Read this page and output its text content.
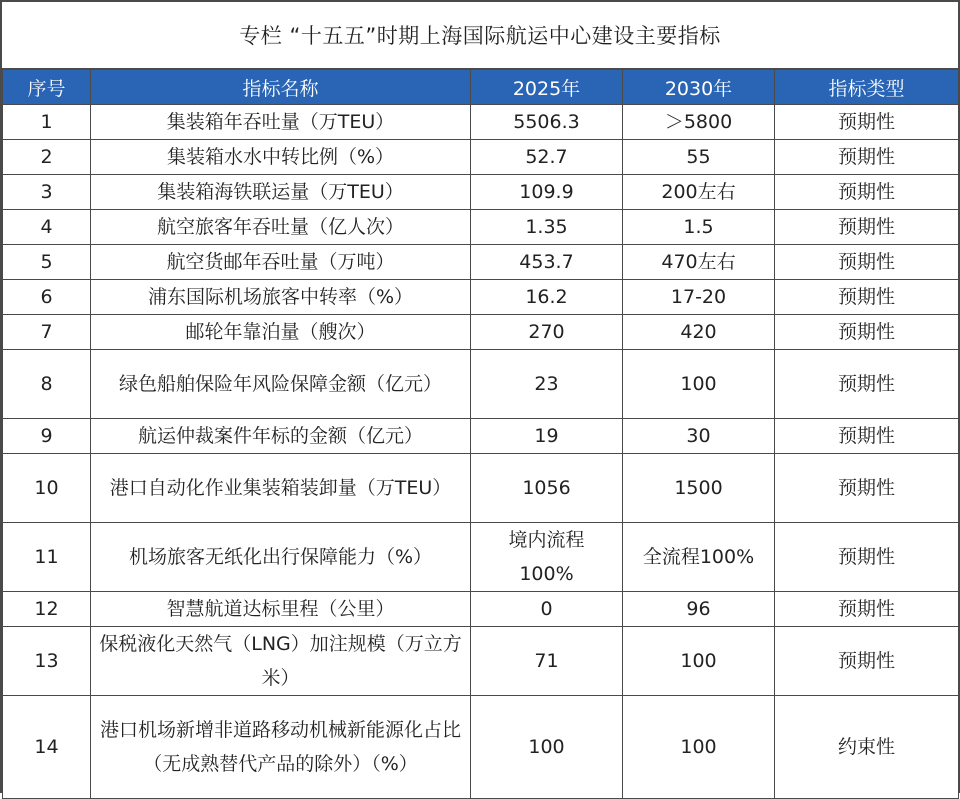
专栏 “十五五”时期上海国际航运中心建设主要指标
序号	指标名称	2025年	2030年	指标类型
1	集装箱年吞吐量（万TEU）	5506.3	＞5800	预期性
2	集装箱水水中转比例（%）	52.7	55	预期性
3	集装箱海铁联运量（万TEU）	109.9	200左右	预期性
4	航空旅客年吞吐量（亿人次）	1.35	1.5	预期性
5	航空货邮年吞吐量（万吨）	453.7	470左右	预期性
6	浦东国际机场旅客中转率（%）	16.2	17-20	预期性
7	邮轮年靠泊量（艘次）	270	420	预期性
8	绿色船舶保险年风险保障金额（亿元）	23	100	预期性
9	航运仲裁案件年标的金额（亿元）	19	30	预期性
10	港口自动化作业集装箱装卸量（万TEU）	1056	1500	预期性
11	机场旅客无纸化出行保障能力（%）	境内流程100%	全流程100%	预期性
12	智慧航道达标里程（公里）	0	96	预期性
13	保税液化天然气（LNG）加注规模（万立方米）	71	100	预期性
14	港口机场新增非道路移动机械新能源化占比（无成熟替代产品的除外）（%）	100	100	约束性
